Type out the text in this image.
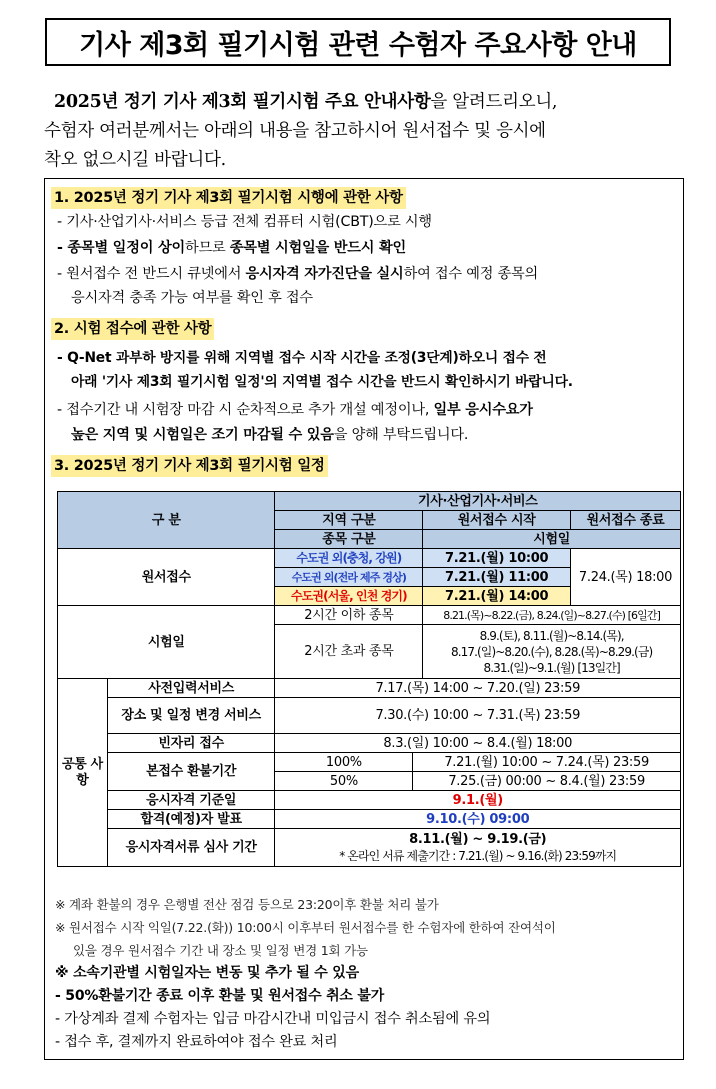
기사 제3회 필기시험 관련 수험자 주요사항 안내

2025년 정기 기사 제3회 필기시험 주요 안내사항을 알려드리오니,

수험자 여러분께서는 아래의 내용을 참고하시어 원서접수 및 응시에
착오 없으시길 바랍니다.
1. 2025년 정기 기사 제3회 필기시험 시행에 관한 사항
- 기사·산업기사·서비스 등급 전체 컴퓨터 시험(CBT)으로 시행
- 종목별 일정이 상이하므로 종목별 시험일을 반드시 확인
- 원서접수 전 반드시 큐넷에서 응시자격 자가진단을 실시하여 접수 예정 종목의
응시자격 충족 가능 여부를 확인 후 접수
2. 시험 접수에 관한 사항
- Q-Net 과부하 방지를 위해 지역별 접수 시작 시간을 조정(3단계)하오니 접수 전
아래 '기사 제3회 필기시험 일정'의 지역별 접수 시간을 반드시 확인하시기 바랍니다.
- 접수기간 내 시험장 마감 시 순차적으로 추가 개설 예정이나, 일부 응시수요가
높은 지역 및 시험일은 조기 마감될 수 있음을 양해 부탁드립니다.
3. 2025년 정기 기사 제3회 필기시험 일정
구 분		기사·산업기사·서비스			
		지역 구분		원서접수 시작	원서접수 종료
		종목 구분		시험일	
원서접수		수도권 외(충청, 강원)		7.21.(월) 10:00	7.24.(목) 18:00
		수도권 외(전라 제주 경상)		7.21.(월) 11:00	
		수도권(서울, 인천 경기)		7.21.(월) 14:00	
시험일		2시간 이하 종목		8.21.(목)~8.22.(금), 8.24.(일)~8.27.(수) [6일간]	
		2시간 초과 종목		8.9.(토), 8.11.(월)~8.14.(목),
8.17.(일)~8.20.(수), 8.28.(목)~8.29.(금)
8.31.(일)~9.1.(월) [13일간]	

공통 사항	사전입력서비스	7.17.(목) 14:00 ~ 7.20.(일) 23:59			
	장소 및 일정 변경 서비스	7.30.(수) 10:00 ~ 7.31.(목) 23:59			
	빈자리 접수	8.3.(일) 10:00 ~ 8.4.(월) 18:00			
	본접수 환불기간	100%	7.21.(월) 10:00 ~ 7.24.(목) 23:59		
		50%	7.25.(금) 00:00 ~ 8.4.(월) 23:59		
	응시자격 기준일	9.1.(월)			
	합격(예정)자 발표	9.10.(수) 09:00			
	응시자격서류 심사 기간	8.11.(월) ~ 9.19.(금)
* 온라인 서류 제출기간 : 7.21.(월) ~ 9.16.(화) 23:59까지			
※ 계좌 환불의 경우 은행별 전산 점검 등으로 23:20이후 환불 처리 불가
※ 원서접수 시작 익일(7.22.(화)) 10:00시 이후부터 원서접수를 한 수험자에 한하여 잔여석이
있을 경우 원서접수 기간 내 장소 및 일정 변경 1회 가능
※ 소속기관별 시험일자는 변동 및 추가 될 수 있음
- 50%환불기간 종료 이후 환불 및 원서접수 취소 불가
- 가상계좌 결제 수험자는 입금 마감시간내 미입금시 접수 취소됨에 유의
- 접수 후, 결제까지 완료하여야 접수 완료 처리
